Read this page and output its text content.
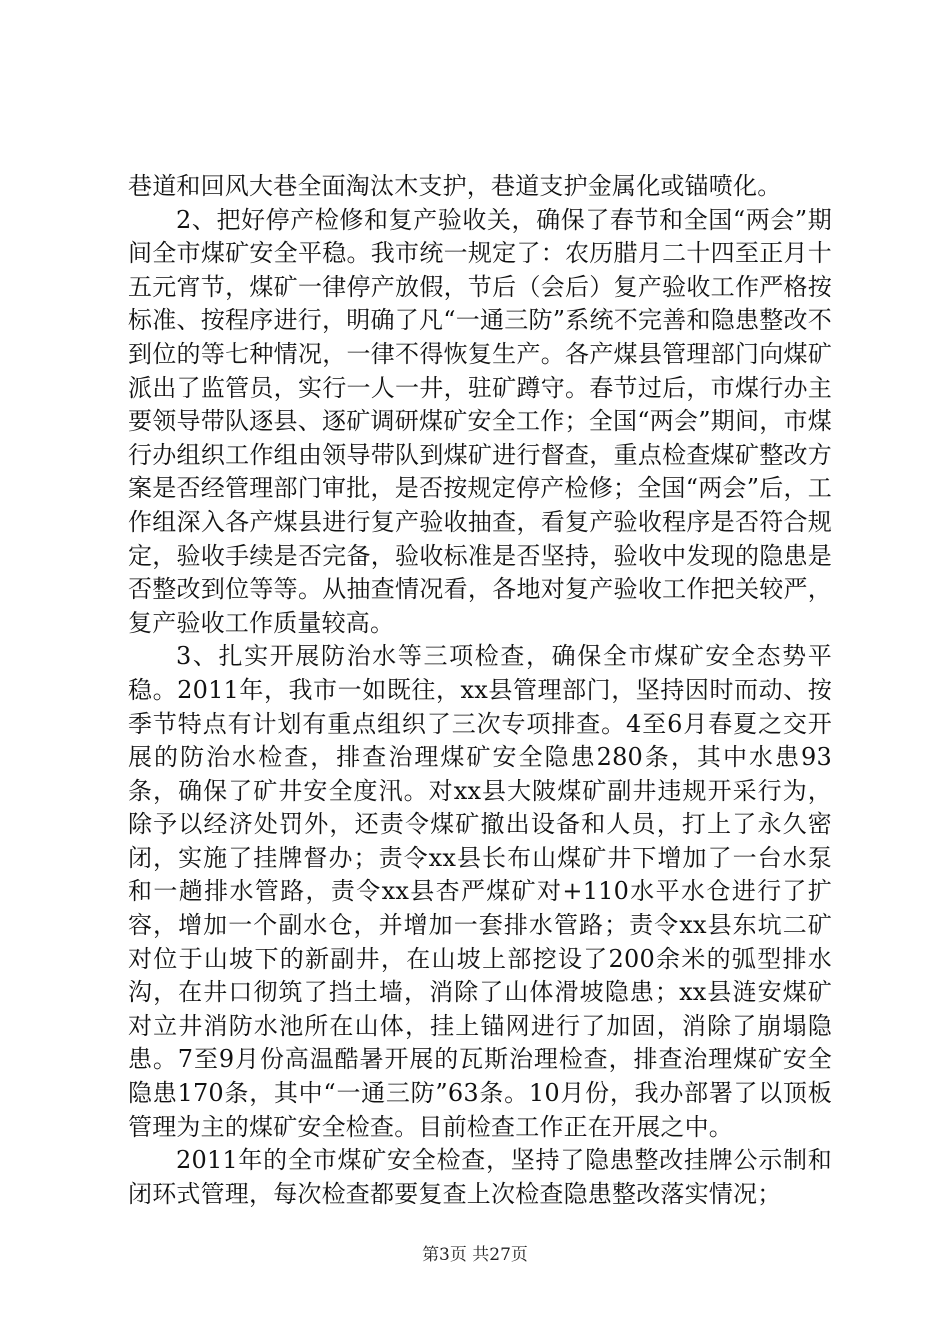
巷道和回风大巷全面淘汰木支护，巷道支护金属化或锚喷化。

2、把好停产检修和复产验收关，确保了春节和全国“两会”期间全市煤矿安全平稳。我市统一规定了：农历腊月二十四至正月十五元宵节，煤矿一律停产放假，节后（会后）复产验收工作严格按标准、按程序进行，明确了凡“一通三防”系统不完善和隐患整改不到位的等七种情况，一律不得恢复生产。各产煤县管理部门向煤矿派出了监管员，实行一人一井，驻矿蹲守。春节过后，市煤行办主要领导带队逐县、逐矿调研煤矿安全工作；全国“两会”期间，市煤行办组织工作组由领导带队到煤矿进行督查，重点检查煤矿整改方案是否经管理部门审批，是否按规定停产检修；全国“两会”后，工作组深入各产煤县进行复产验收抽查，看复产验收程序是否符合规定，验收手续是否完备，验收标准是否坚持，验收中发现的隐患是否整改到位等等。从抽查情况看，各地对复产验收工作把关较严，复产验收工作质量较高。

3、扎实开展防治水等三项检查，确保全市煤矿安全态势平稳。2011年，我市一如既往，xx县管理部门，坚持因时而动、按季节特点有计划有重点组织了三次专项排查。4至6月春夏之交开展的防治水检查，排查治理煤矿安全隐患280条，其中水患93条，确保了矿井安全度汛。对xx县大陂煤矿副井违规开采行为，除予以经济处罚外，还责令煤矿撤出设备和人员，打上了永久密闭，实施了挂牌督办；责令xx县长布山煤矿井下增加了一台水泵和一趟排水管路，责令xx县杏严煤矿对+110水平水仓进行了扩容，增加一个副水仓，并增加一套排水管路；责令xx县东坑二矿对位于山坡下的新副井，在山坡上部挖设了200余米的弧型排水沟，在井口彻筑了挡土墙，消除了山体滑坡隐患；xx县涟安煤矿对立井消防水池所在山体，挂上锚网进行了加固，消除了崩塌隐患。7至9月份高温酷暑开展的瓦斯治理检查，排查治理煤矿安全隐患170条，其中“一通三防”63条。10月份，我办部署了以顶板管理为主的煤矿安全检查。目前检查工作正在开展之中。

2011年的全市煤矿安全检查，坚持了隐患整改挂牌公示制和闭环式管理，每次检查都要复查上次检查隐患整改落实情况；

第3页 共27页
